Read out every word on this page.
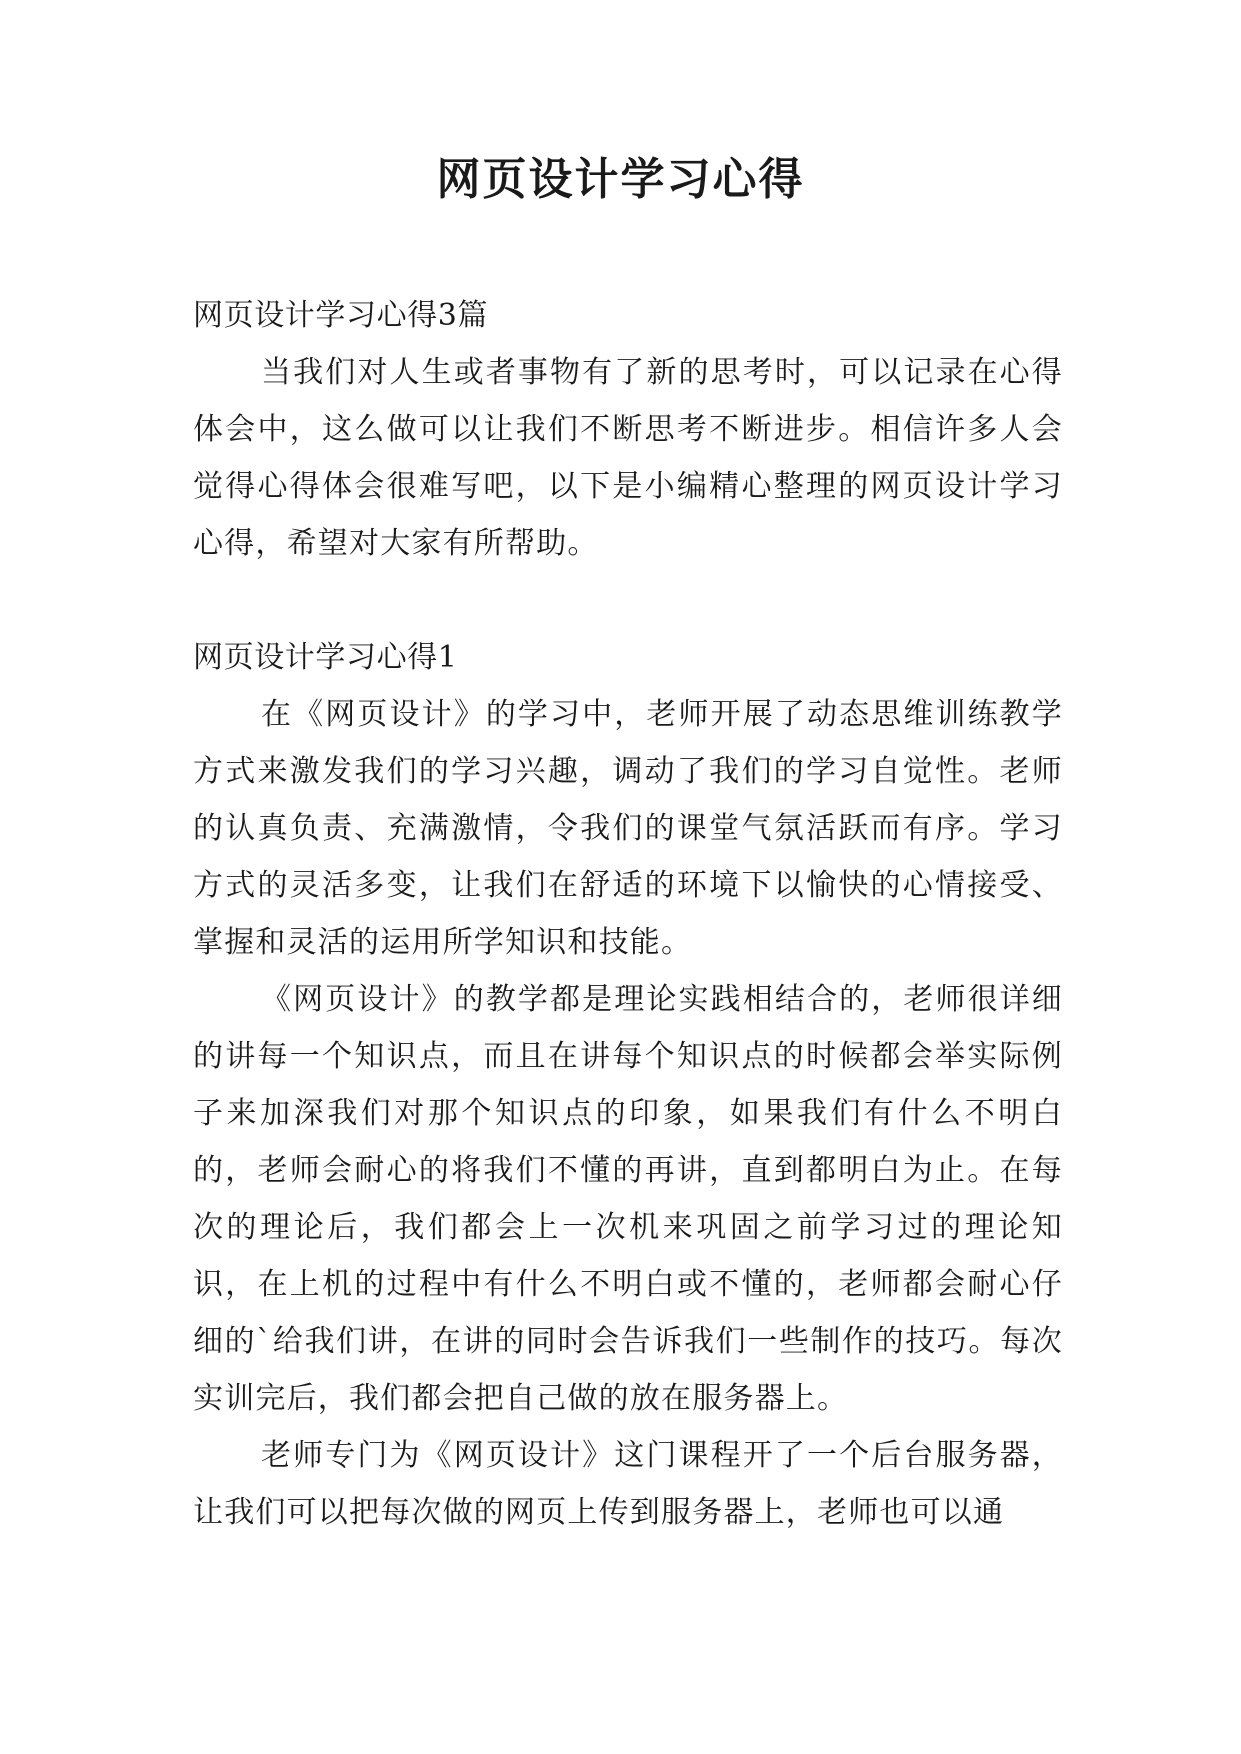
网页设计学习心得

网页设计学习心得3篇

当我们对人生或者事物有了新的思考时，可以记录在心得体会中，这么做可以让我们不断思考不断进步。相信许多人会觉得心得体会很难写吧，以下是小编精心整理的网页设计学习心得，希望对大家有所帮助。

网页设计学习心得1

在《网页设计》的学习中，老师开展了动态思维训练教学方式来激发我们的学习兴趣，调动了我们的学习自觉性。老师的认真负责、充满激情，令我们的课堂气氛活跃而有序。学习方式的灵活多变，让我们在舒适的环境下以愉快的心情接受、掌握和灵活的运用所学知识和技能。

《网页设计》的教学都是理论实践相结合的，老师很详细的讲每一个知识点，而且在讲每个知识点的时候都会举实际例子来加深我们对那个知识点的印象，如果我们有什么不明白的，老师会耐心的将我们不懂的再讲，直到都明白为止。在每次的理论后，我们都会上一次机来巩固之前学习过的理论知识，在上机的过程中有什么不明白或不懂的，老师都会耐心仔细的`给我们讲，在讲的同时会告诉我们一些制作的技巧。每次实训完后，我们都会把自己做的放在服务器上。

老师专门为《网页设计》这门课程开了一个后台服务器，让我们可以把每次做的网页上传到服务器上，老师也可以通
